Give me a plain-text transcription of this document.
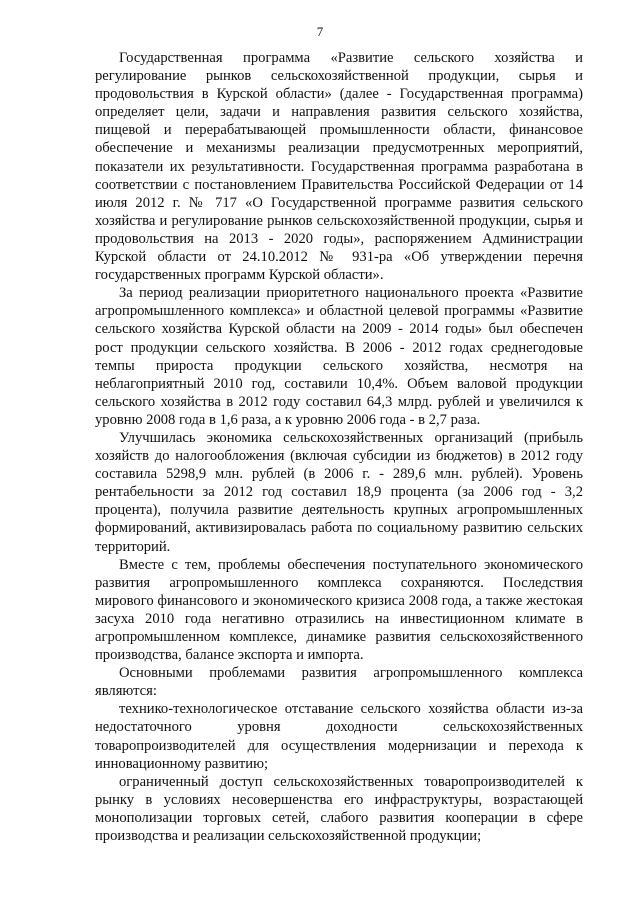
7

Государственная программа «Развитие сельского хозяйства и регулирование рынков сельскохозяйственной продукции, сырья и продовольствия в Курской области» (далее - Государственная программа) определяет цели, задачи и направления развития сельского хозяйства, пищевой и перерабатывающей промышленности области, финансовое обеспечение и механизмы реализации предусмотренных мероприятий, показатели их результативности. Государственная программа разработана в соответствии с постановлением Правительства Российской Федерации от 14 июля 2012 г. № 717 «О Государственной программе развития сельского хозяйства и регулирование рынков сельскохозяйственной продукции, сырья и продовольствия на 2013 - 2020 годы», распоряжением Администрации Курской области от 24.10.2012 № 931-ра «Об утверждении перечня государственных программ Курской области».

За период реализации приоритетного национального проекта «Развитие агропромышленного комплекса» и областной целевой программы «Развитие сельского хозяйства Курской области на 2009 - 2014 годы» был обеспечен рост продукции сельского хозяйства. В 2006 - 2012 годах среднегодовые темпы прироста продукции сельского хозяйства, несмотря на неблагоприятный 2010 год, составили 10,4%. Объем валовой продукции сельского хозяйства в 2012 году составил 64,3 млрд. рублей и увеличился к уровню 2008 года в 1,6 раза, а к уровню 2006 года - в 2,7 раза.

Улучшилась экономика сельскохозяйственных организаций (прибыль хозяйств до налогообложения (включая субсидии из бюджетов) в 2012 году составила 5298,9 млн. рублей (в 2006 г. - 289,6 млн. рублей). Уровень рентабельности за 2012 год составил 18,9 процента (за 2006 год - 3,2 процента), получила развитие деятельность крупных агропромышленных формирований, активизировалась работа по социальному развитию сельских территорий.

Вместе с тем, проблемы обеспечения поступательного экономического развития агропромышленного комплекса сохраняются. Последствия мирового финансового и экономического кризиса 2008 года, а также жестокая засуха 2010 года негативно отразились на инвестиционном климате в агропромышленном комплексе, динамике развития сельскохозяйственного производства, балансе экспорта и импорта.

Основными проблемами развития агропромышленного комплекса являются:

технико-технологическое отставание сельского хозяйства области из-за недостаточного уровня доходности сельскохозяйственных товаропроизводителей для осуществления модернизации и перехода к инновационному развитию;

ограниченный доступ сельскохозяйственных товаропроизводителей к рынку в условиях несовершенства его инфраструктуры, возрастающей монополизации торговых сетей, слабого развития кооперации в сфере производства и реализации сельскохозяйственной продукции;
